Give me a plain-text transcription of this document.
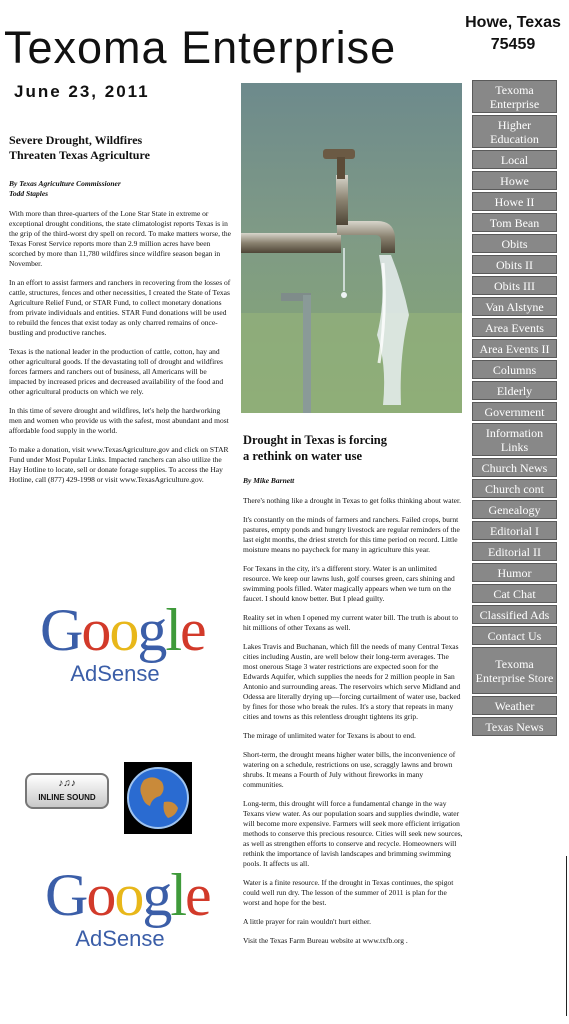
Texoma Enterprise	Howe, Texas
75459
June 23, 2011
Severe Drought, Wildfires
Threaten Texas Agriculture
By Texas Agriculture Commissioner
Todd Staples

With more than three-quarters of the Lone Star State in extreme or exceptional drought conditions, the state climatologist reports Texas is in the grip of the third-worst dry spell on record. To make matters worse, the Texas Forest Service reports more than 2.9 million acres have been scorched by more than 11,780 wildfires since wildfire season began in November.

In an effort to assist farmers and ranchers in recovering from the losses of cattle, structures, fences and other necessities, I created the State of Texas Agriculture Relief Fund, or STAR Fund, to collect monetary donations from private individuals and entities. STAR Fund donations will be used to rebuild the fences that exist today as only charred remains of once-bustling and productive ranches.

Texas is the national leader in the production of cattle, cotton, hay and other agricultural goods. If the devastating toll of drought and wildfires forces farmers and ranchers out of business, all Americans will be impacted by increased prices and decreased availability of the food and other agricultural products on which we rely.

In this time of severe drought and wildfires, let's help the hardworking men and women who provide us with the safest, most abundant and most affordable food supply in the world.

To make a donation, visit www.TexasAgriculture.gov and click on STAR Fund under Most Popular Links. Impacted ranchers can also utilize the Hay Hotline to locate, sell or donate forage supplies. To access the Hay Hotline, call (877) 429-1998 or visit www.TexasAgriculture.gov.

Drought in Texas is forcing
a rethink on water use
By Mike Barnett

There's nothing like a drought in Texas to get folks thinking about water.

It's constantly on the minds of farmers and ranchers. Failed crops, burnt pastures, empty ponds and hungry livestock are regular reminders of the last eight months, the driest stretch for this time period on record. Little moisture means no paycheck for many in agriculture this year.

For Texans in the city, it's a different story. Water is an unlimited resource. We keep our lawns lush, golf courses green, cars shining and swimming pools filled. Water magically appears when we turn on the faucet. I should know better. But I plead guilty.

Reality set in when I opened my current water bill. The truth is about to hit millions of other Texans as well.

Lakes Travis and Buchanan, which fill the needs of many Central Texas cities including Austin, are well below their long-term averages. The most onerous Stage 3 water restrictions are expected soon for the Edwards Aquifer, which supplies the needs for 2 million people in San Antonio and surrounding areas. The reservoirs which serve Midland and Odessa are literally drying up—forcing curtailment of water use, backed by fines for those who break the rules. It's a story that repeats in many cities and towns as this relentless drought tightens its grip.

The mirage of unlimited water for Texans is about to end.

Short-term, the drought means higher water bills, the inconvenience of watering on a schedule, restrictions on use, scraggly lawns and brown shrubs. It means a Fourth of July without fireworks in many communities.

Long-term, this drought will force a fundamental change in the way Texans view water. As our population soars and supplies dwindle, water will become more expensive. Farmers will seek more efficient irrigation methods to conserve this precious resource. Cities will seek new sources, as well as strengthen efforts to conserve and recycle. Homeowners will rethink the importance of lavish landscapes and brimming swimming pools. It affects us all.

Water is a finite resource. If the drought in Texas continues, the spigot could well run dry. The lesson of the summer of 2011 is plan for the worst and hope for the best.

A little prayer for rain wouldn't hurt either.

Visit the Texas Farm Bureau website at www.txfb.org .

Texoma Enterprise
Higher Education
Local
Howe
Howe II
Tom Bean
Obits
Obits II
Obits III
Van Alstyne
Area Events
Area Events II
Columns
Elderly
Government
Information Links
Church News
Church cont
Genealogy
Editorial I
Editorial II
Humor
Cat Chat
Classified Ads
Contact Us
Texoma Enterprise Store
Weather
Texas News
Google
AdSense
♪♫♪
INLINE SOUND
Google
AdSense
